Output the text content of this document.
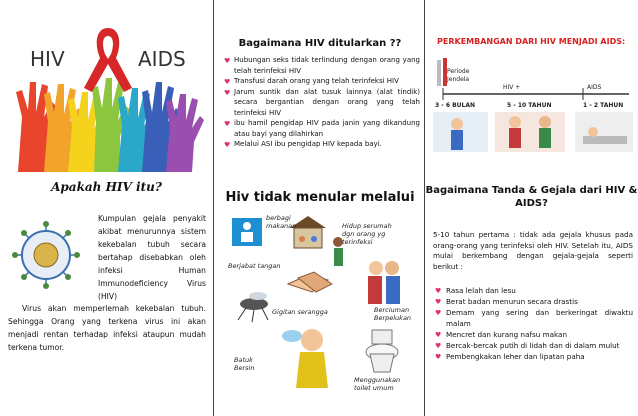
HIV	AIDS
Apakah HIV itu?
Kumpulan gejala penyakit akibat menurunnya sistem kekebalan tubuh secara bertahap disebabkan oleh infeksi Human Immunodeficiency Virus (HIV)
Virus akan memperlemah kekebalan tubuh. Sehingga Orang yang terkena virus ini akan menjadi rentan terhadap infeksi ataupun mudah terkena tumor.
Bagaimana HIV ditularkan ??
♥ Hubungan seks tidak terlindung dengan orang yang telah terinfeksi HIV
♥ Transfusi darah orang yang telah terinfeksi HIV
♥ Jarum suntik dan alat tusuk lainnya (alat tindik) secara bergantian dengan orang yang telah terinfeksi HIV
♥ ibu hamil pengidap HIV pada janin yang dikandung atau bayi yang dilahirkan
♥ Melalui ASI ibu pengidap HIV kepada bayi.
Hiv tidak menular melalui
berbagi makanan	Hidup serumah dgn orang yg terinfeksi
Berjabat tangan
Gigitan serangga	Berciuman Berpelukan
Batuk Bersin
Menggunakan toilet umum
PERKEMBANGAN DARI HIV MENJADI AIDS:
Periode Jendela
HIV +	AIDS
3 - 6 BULAN	5 - 10 TAHUN	1 - 2 TAHUN
Bagaimana Tanda & Gejala dari HIV & AIDS?
5-10 tahun pertama : tidak ada gejala khusus pada orang-orang yang terinfeksi oleh HIV. Setelah itu, AIDS mulai berkembang dengan gejala-gejala seperti berikut :
♥ Rasa lelah dan lesu
♥ Berat badan menurun secara drastis
♥ Demam yang sering dan berkeringat diwaktu malam
♥ Mencret dan kurang nafsu makan
♥ Bercak-bercak putih di lidah dan di dalam mulut
♥ Pembengkakan leher dan lipatan paha
